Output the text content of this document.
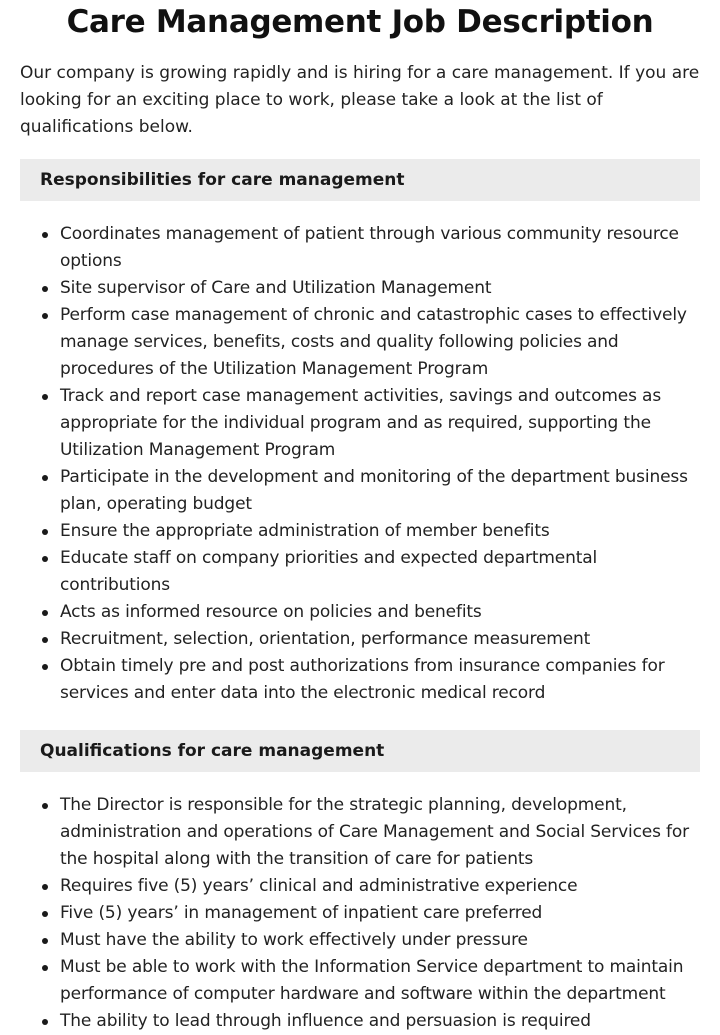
Care Management Job Description

Our company is growing rapidly and is hiring for a care management. If you are looking for an exciting place to work, please take a look at the list of qualifications below.

Responsibilities for care management
Coordinates management of patient through various community resource options
Site supervisor of Care and Utilization Management
Perform case management of chronic and catastrophic cases to effectively manage services, benefits, costs and quality following policies and procedures of the Utilization Management Program
Track and report case management activities, savings and outcomes as appropriate for the individual program and as required, supporting the Utilization Management Program
Participate in the development and monitoring of the department business plan, operating budget
Ensure the appropriate administration of member benefits
Educate staff on company priorities and expected departmental contributions
Acts as informed resource on policies and benefits
Recruitment, selection, orientation, performance measurement
Obtain timely pre and post authorizations from insurance companies for services and enter data into the electronic medical record
Qualifications for care management
The Director is responsible for the strategic planning, development, administration and operations of Care Management and Social Services for the hospital along with the transition of care for patients
Requires five (5) years’ clinical and administrative experience
Five (5) years’ in management of inpatient care preferred
Must have the ability to work effectively under pressure
Must be able to work with the Information Service department to maintain performance of computer hardware and software within the department
The ability to lead through influence and persuasion is required
